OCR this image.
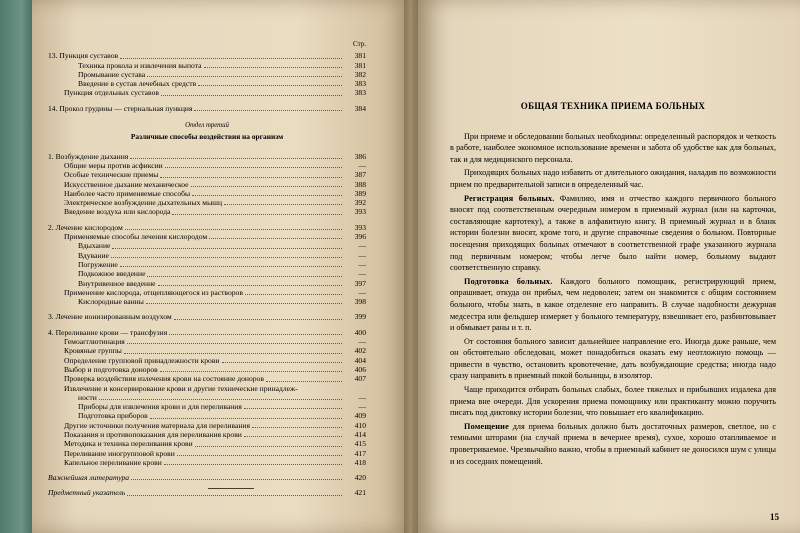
Стр.
13. Пункция суставов	381
Техника прокола и извлечения выпота	381
Промывание сустава	382
Введение в сустав лечебных средств	383
Пункция отдельных суставов	383
14. Прокол грудины — стернальная пункция	384
Отдел третий
Различные способы воздействия на организм
1. Возбуждение дыхания	386
Общие меры против асфиксии	—
Особые технические приемы	387
Искусственное дыхание механическое	388
Наиболее часто применяемые способы	389
Электрическое возбуждение дыхательных мышц	392
Введение воздуха или кислорода	393
2. Лечение кислородом	393
Применяемые способы лечения кислородом	396
Вдыхание	—
Вдувание	—
Погружение	—
Подкожное введение	—
Внутривенное введение	397
Применение кислорода, отщепляющегося из растворов	—
Кислородные ванны	398
3. Лечение ионизированным воздухом	399
4. Переливание крови — трансфузия	400
Гемоагглютинация	—
Кровяные группы	402
Определение групповой принадлежности крови	404
Выбор и подготовка доноров	406
Проверка воздействия излечения крови на состояние доноров	407
Извлечение и консервирование крови и другие технические принадлеж-
ности	—
Приборы для извлечения крови и для переливания	—
Подготовка приборов	409
Другие источники получения материала для переливания	410
Показания и противопоказания для переливания крови	414
Методика и техника переливания крови	415
Переливание иногрупповой крови	417
Капельное переливание крови	418
Важнейшая литература	420
Предметный указатель	421
ОБЩАЯ ТЕХНИКА ПРИЕМА БОЛЬНЫХ

При приеме и обследовании больных необходимы: определенный распорядок и четкость в работе, наиболее экономное использование времени и забота об удобстве как для больных, так и для медицинского персонала.

Приходящих больных надо избавить от длительного ожидания, наладив по возможности прием по предварительной записи в определенный час.

Регистрация больных. Фамилию, имя и отчество каждого первичного больного вносят под соответственным очередным номером в приемный журнал (или на карточки, составляющие картотеку), а также в алфавитную книгу. В приемный журнал и в бланк истории болезни вносят, кроме того, и другие справочные сведения о больном. Повторные посещения приходящих больных отмечают в соответственной графе указанного журнала под первичным номером; чтобы легче было найти номер, больному выдают соответственную справку.

Подготовка больных. Каждого больного помощник, регистрирующий прием, опрашивает, откуда он прибыл, чем недоволен; затем он знакомится с общим состоянием больного, чтобы знать, в какое отделение его направить. В случае надобности дежурная медсестра или фельдшер измеряет у больного температуру, взвешивает его, разбинтовывает и обмывает раны и т. п.

От состояния больного зависит дальнейшее направление его. Иногда даже раньше, чем он обстоятельно обследован, может понадобиться оказать ему неотложную помощь — привести в чувство, остановить кровотечение, дать возбуждающие средства; иногда надо сразу направить в приемный покой больницы, в изолятор.

Чаще приходится отбирать больных слабых, более тяжелых и прибывших издалека для приема вне очереди. Для ускорения приема помощнику или практиканту можно поручить писать под диктовку истории болезни, что повышает его квалификацию.

Помещение для приема больных должно быть достаточных размеров, светлое, но с темными шторами (на случай приема в вечернее время), сухое, хорошо отапливаемое и проветриваемое. Чрезвычайно важно, чтобы в приемный кабинет не доносился шум с улицы и из соседних помещений.

15
